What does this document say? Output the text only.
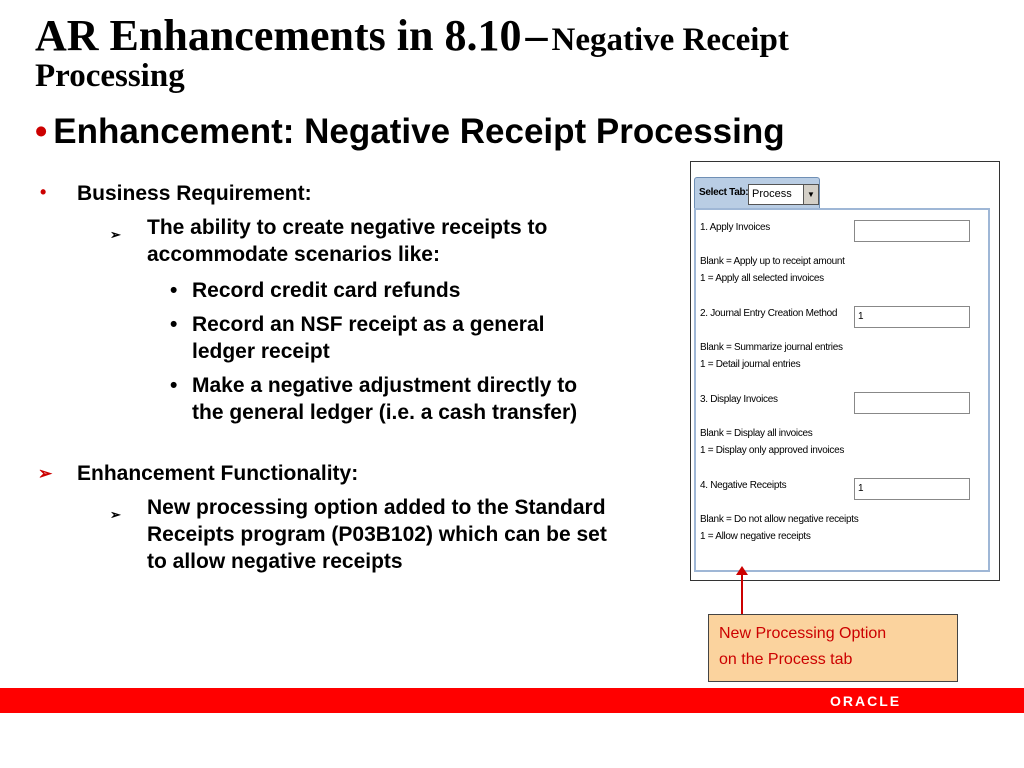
AR Enhancements in 8.10 – Negative Receipt
Processing
• Enhancement: Negative Receipt Processing
• Business Requirement:
➢ The ability to create negative receipts to accommodate scenarios like:
• Record credit card refunds
• Record an NSF receipt as a general ledger receipt
• Make a negative adjustment directly to the general ledger (i.e. a cash transfer)
➢ Enhancement Functionality:
➢ New processing option added to the Standard Receipts program (P03B102) which can be set to allow negative receipts
Select Tab: Process	▼
1. Apply Invoices
Blank = Apply up to receipt amount
1 = Apply all selected invoices
2. Journal Entry Creation Method 1
Blank = Summarize journal entries
1 = Detail journal entries
3. Display Invoices
Blank = Display all invoices
1 = Display only approved invoices
4. Negative Receipts	1
Blank = Do not allow negative receipts
1 = Allow negative receipts
New Processing Option
on the Process tab
ORACLE
